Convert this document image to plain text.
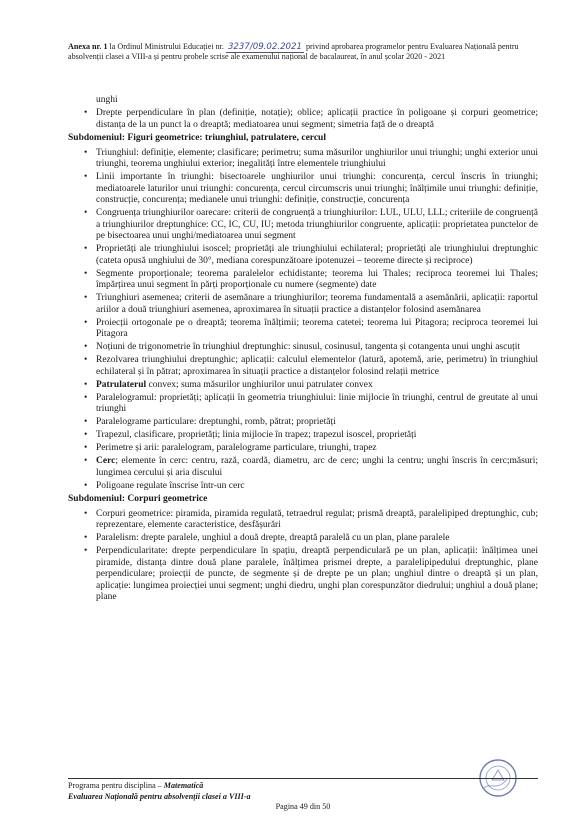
Anexa nr. 1 la Ordinul Ministrului Educației nr. 3237/09.02.2021 privind aprobarea programelor pentru Evaluarea Națională pentru absolvenții clasei a VIII-a și pentru probele scrise ale examenului național de bacalaureat, în anul școlar 2020 - 2021
unghi
• Drepte perpendiculare în plan (definiție, notație); oblice; aplicații practice în poligoane și corpuri geometrice; distanța de la un punct la o dreaptă; mediatoarea unui segment; simetria față de o dreaptă
Subdomeniul: Figuri geometrice: triunghiul, patrulatere, cercul
• Triunghiul: definiție, elemente; clasificare; perimetru; suma măsurilor unghiurilor unui triunghi; unghi exterior unui triunghi, teorema unghiului exterior; inegalități între elementele triunghiului
• Linii importante în triunghi: bisectoarele unghiurilor unui triunghi: concurența, cercul înscris în triunghi; mediatoarele laturilor unui triunghi: concurența, cercul circumscris unui triunghi; înălțimile unui triunghi: definiție, construcție, concurența; medianele unui triunghi: definiție, construcție, concurența
• Congruența triunghiurilor oarecare: criterii de congruență a triunghiurilor: LUL, ULU, LLL; criteriile de congruență a triunghiurilor dreptunghice: CC, IC, CU, IU; metoda triunghiurilor congruente, aplicații: proprietatea punctelor de pe bisectoarea unui unghi/mediatoarea unui segment
• Proprietăți ale triunghiului isoscel; proprietăți ale triunghiului echilateral; proprietăți ale triunghiului dreptunghic (cateta opusă unghiului de 30°, mediana corespunzătoare ipotenuzei – teoreme directe și reciproce)
• Segmente proporționale; teorema paralelelor echidistante; teorema lui Thales; reciproca teoremei lui Thales; împărțirea unui segment în părți proporționale cu numere (segmente) date
• Triunghiuri asemenea; criterii de asemănare a triunghiurilor; teorema fundamentală a asemănării, aplicații: raportul ariilor a două triunghiuri asemenea, aproximarea în situații practice a distanțelor folosind asemănarea
• Proiecții ortogonale pe o dreaptă; teorema înălțimii; teorema catetei; teorema lui Pitagora; reciproca teoremei lui Pitagora
• Noțiuni de trigonometrie în triunghiul dreptunghic: sinusul, cosinusul, tangenta și cotangenta unui unghi ascuțit
• Rezolvarea triunghiului dreptunghic; aplicații: calculul elementelor (latură, apotemă, arie, perimetru) în triunghiul echilateral și în pătrat; aproximarea în situații practice a distanțelor folosind relații metrice
• Patrulaterul convex; suma măsurilor unghiurilor unui patrulater convex
• Paralelogramul: proprietăți; aplicații în geometria triunghiului: linie mijlocie în triunghi, centrul de greutate al unui triunghi
• Paralelograme particulare: dreptunghi, romb, pătrat; proprietăți
• Trapezul, clasificare, proprietăți; linia mijlocie în trapez; trapezul isoscel, proprietăți
• Perimetre și arii: paralelogram, paralelograme particulare, triunghi, trapez
• Cerc; elemente în cerc: centru, rază, coardă, diametru, arc de cerc; unghi la centru; unghi înscris în cerc;măsuri; lungimea cercului și aria discului
• Poligoane regulate înscrise într-un cerc
Subdomeniul: Corpuri geometrice
• Corpuri geometrice: piramida, piramida regulată, tetraedrul regulat; prismă dreaptă, paralelipiped dreptunghic, cub; reprezentare, elemente caracteristice, desfășurări
• Paralelism: drepte paralele, unghiul a două drepte, dreaptă paralelă cu un plan, plane paralele
• Perpendicularitate: drepte perpendiculare în spațiu, dreaptă perpendiculară pe un plan, aplicații: înălțimea unei piramide, distanța dintre două plane paralele, înălțimea prismei drepte, a paralelipipedului dreptunghic, plane perpendiculare; proiecții de puncte, de segmente și de drepte pe un plan; unghiul dintre o dreaptă și un plan, aplicație: lungimea proiecției unui segment; unghi diedru, unghi plan corespunzător diedrului; unghiul a două plane; plane
Programa pentru disciplina – Matematică
Evaluarea Națională pentru absolvenții clasei a VIII-a
Pagina 49 din 50
